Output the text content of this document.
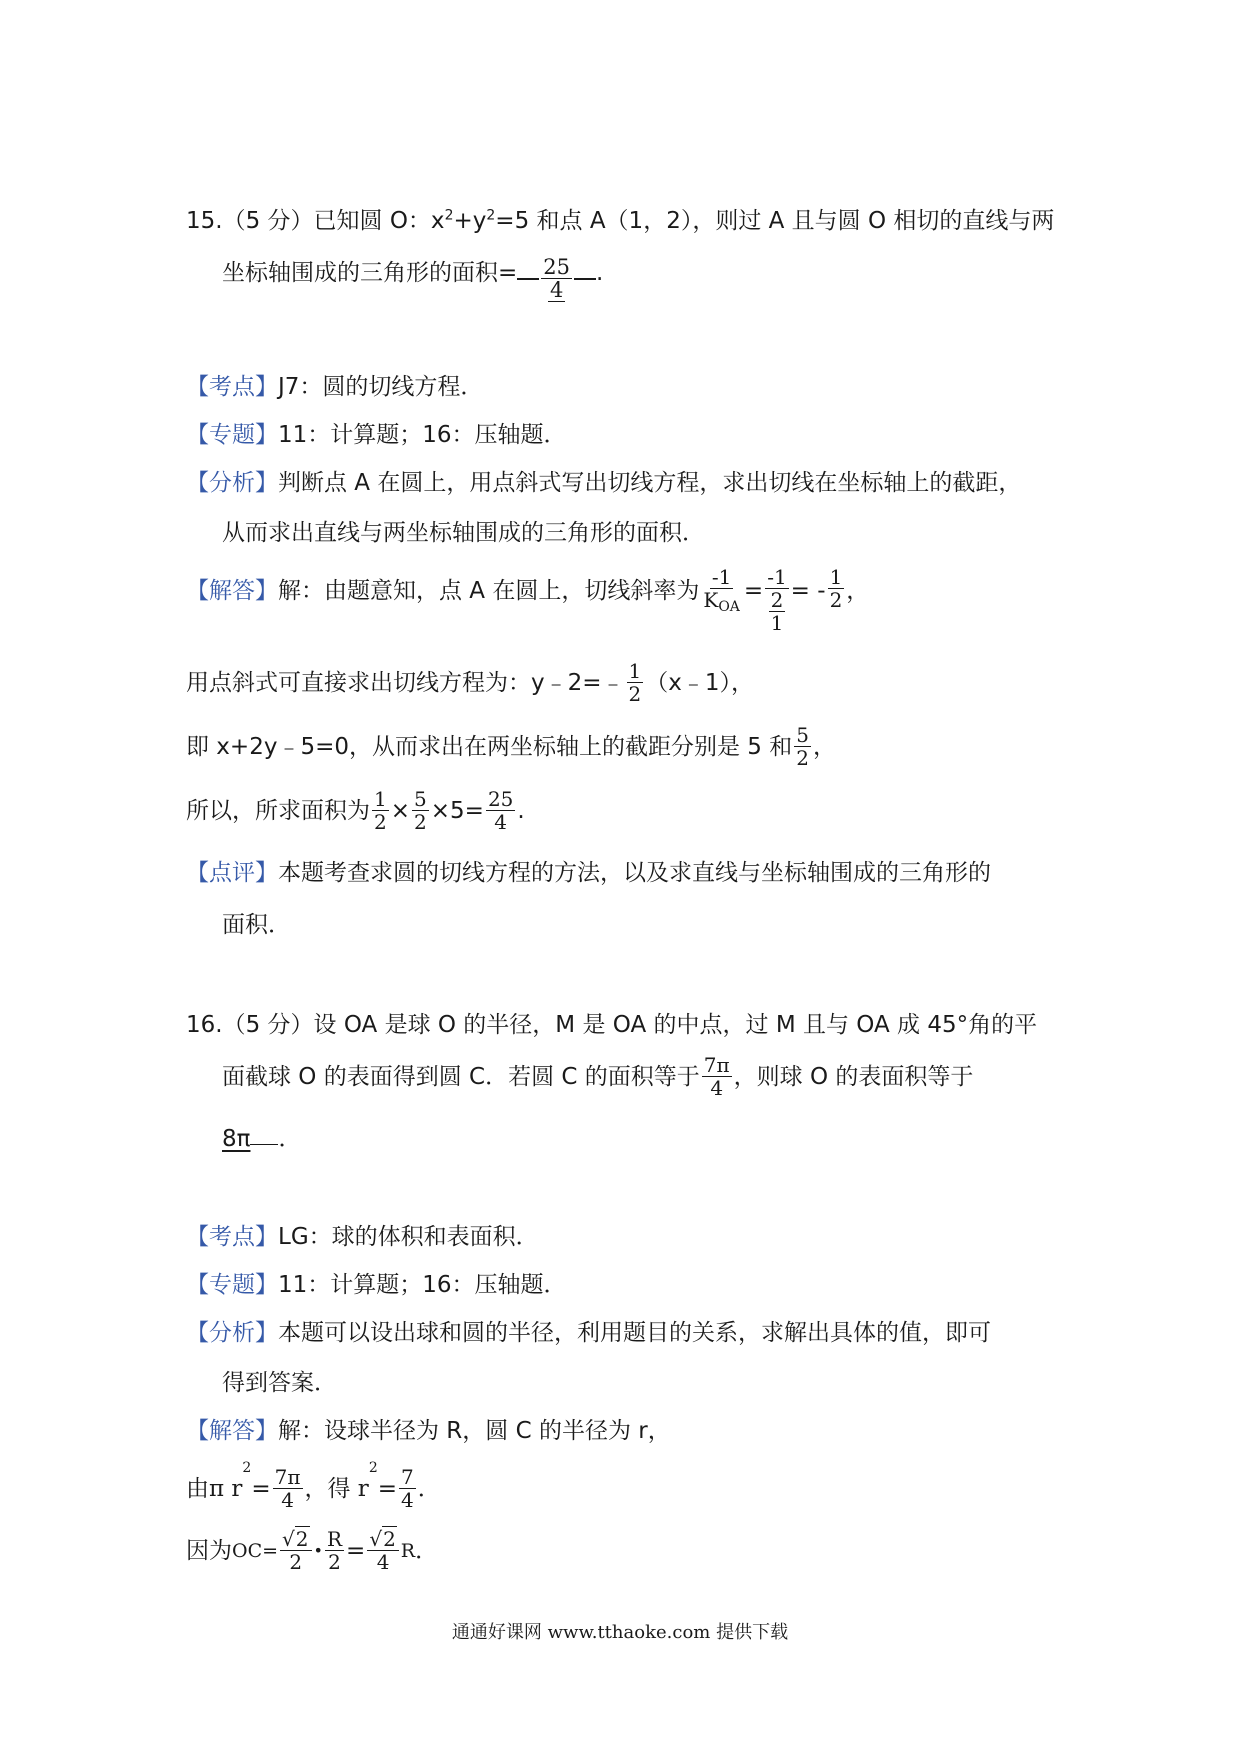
15.（5 分）已知圆 O：$x^2+y^2=5$ 和点 A（1，2），则过 A 且与圆 O 相切的直线与两
坐标轴围成的三角形的面积= $\frac{25}{4}$ .
【考点】J7：圆的切线方程．
【专题】11：计算题；16：压轴题．
【分析】判断点 A 在圆上，用点斜式写出切线方程，求出切线在坐标轴上的截距，
从而求出直线与两坐标轴围成的三角形的面积．
【解答】 解：由题意知，点 A 在圆上，切线斜率为 $\frac{-1}{K_{OA}} = \frac{-1}{\frac{2}{1}}$ = - $\frac{1}{2}$ ，
用点斜式可直接求出切线方程为：y﹣2=﹣ $\frac{1}{2}$ （x﹣1），
即 x+2y﹣5=0，从而求出在两坐标轴上的截距分别是 5 和 $\frac{5}{2}$ ，
所以，所求面积为 $\frac{1}{2} \times \frac{5}{2} \times 5= \frac{25}{4}$ .
【点评】本题考查求圆的切线方程的方法，以及求直线与坐标轴围成的三角形的
面积．
16.（5 分）设 OA 是球 O 的半径，M 是 OA 的中点，过 M 且与 OA 成 45°角的平
面截球 O 的表面得到圆 C．若圆 C 的面积等于 $\frac{7\pi}{4}$ ，则球 O 的表面积等于
8π ．
【考点】LG：球的体积和表面积．
【专题】11：计算题；16：压轴题．
【分析】本题可以设出球和圆的半径，利用题目的关系，求解出具体的值，即可
得到答案．
【解答】解：设球半径为 R，圆 C 的半径为 r，
由π r
2
= $\frac{7\pi}{4}$ ，得 r
2
= $\frac{7}{4}$ ．
因为 $OC= \frac{√2}{2}$ • $\frac{R}{2} = \frac{√2}{4}$ R ．
通通好课网 www.tthaoke.com 提供下载
